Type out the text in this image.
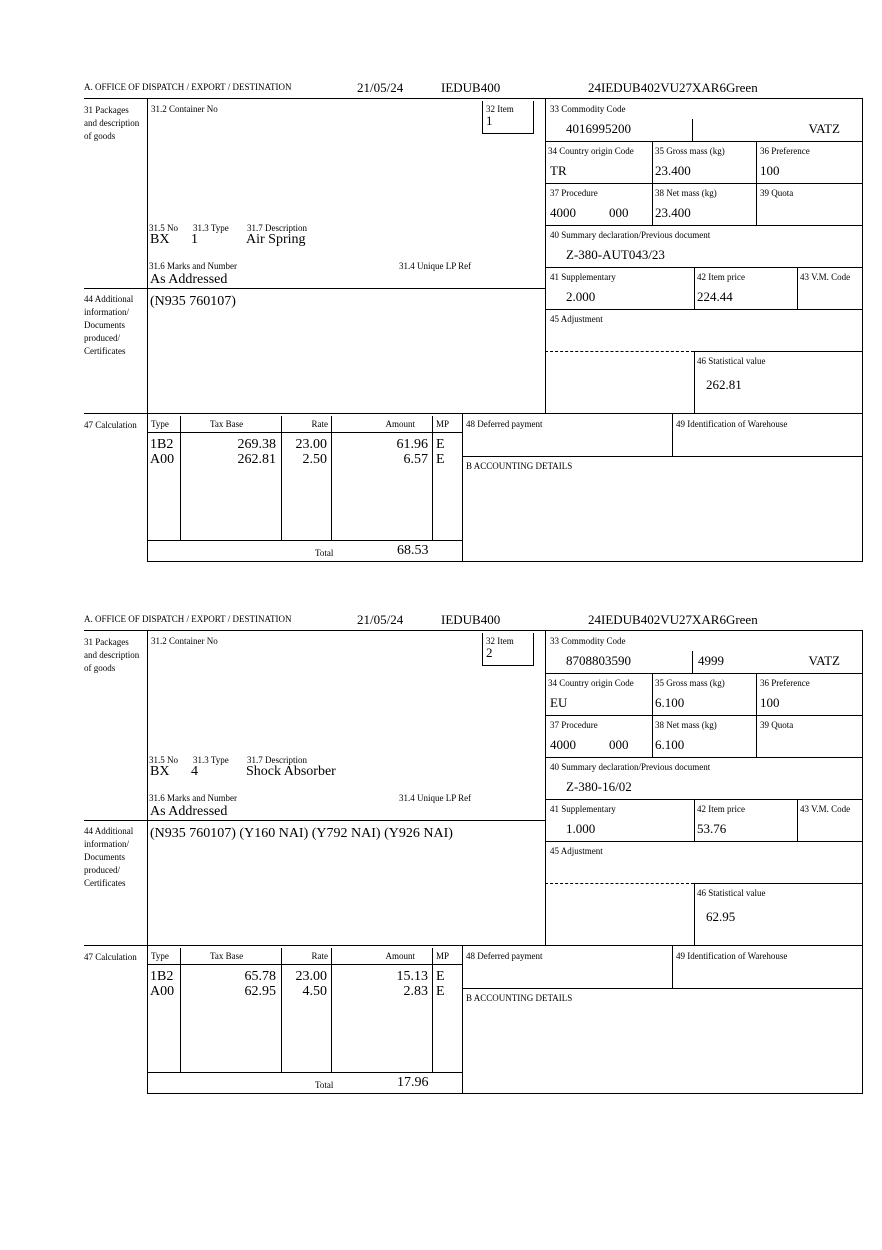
A. OFFICE OF DISPATCH / EXPORT / DESTINATION	21/05/24	IEDUB400	24IEDUB402VU27XAR6Green
31 Packages and description of goods
31.2 Container No	32 Item
1
33 Commodity Code
4016995200	VATZ
34 Country origin Code
TR
35 Gross mass (kg)
23.400
36 Preference
100
37 Procedure
4000	000
38 Net mass (kg)
23.400
39 Quota
40 Summary declaration/Previous document
Z-380-AUT043/23
41 Supplementary
2.000
42 Item price
224.44
43 V.M. Code
45 Adjustment
46 Statistical value
262.81
31.5 No 31.3 Type 31.7 Description
BX 1	Air Spring
31.6 Marks and Number	31.4 Unique LP Ref
As Addressed
44 Additional information/ Documents produced/ Certificates
(N935 760107)
47 Calculation	Type	Tax Base	Rate	Amount MP
1B2	269.38 23.00	61.96 E
A00	262.81 2.50	6.57 E
Total	68.53
48 Deferred payment	49 Identification of Warehouse
B ACCOUNTING DETAILS
A. OFFICE OF DISPATCH / EXPORT / DESTINATION	21/05/24	IEDUB400	24IEDUB402VU27XAR6Green
31 Packages and description of goods
31.2 Container No	32 Item
2
33 Commodity Code
8708803590	4999	VATZ
34 Country origin Code
EU
35 Gross mass (kg)
6.100
36 Preference
100
37 Procedure
4000	000
38 Net mass (kg)
6.100
39 Quota
40 Summary declaration/Previous document
Z-380-16/02
41 Supplementary
1.000
42 Item price
53.76
43 V.M. Code
45 Adjustment
46 Statistical value
62.95
31.5 No 31.3 Type 31.7 Description
BX 4	Shock Absorber
31.6 Marks and Number	31.4 Unique LP Ref
As Addressed
44 Additional information/ Documents produced/ Certificates
(N935 760107) (Y160 NAI) (Y792 NAI) (Y926 NAI)
47 Calculation	Type	Tax Base	Rate	Amount MP
1B2	65.78 23.00	15.13 E
A00	62.95 4.50	2.83 E
Total	17.96
48 Deferred payment	49 Identification of Warehouse
B ACCOUNTING DETAILS
